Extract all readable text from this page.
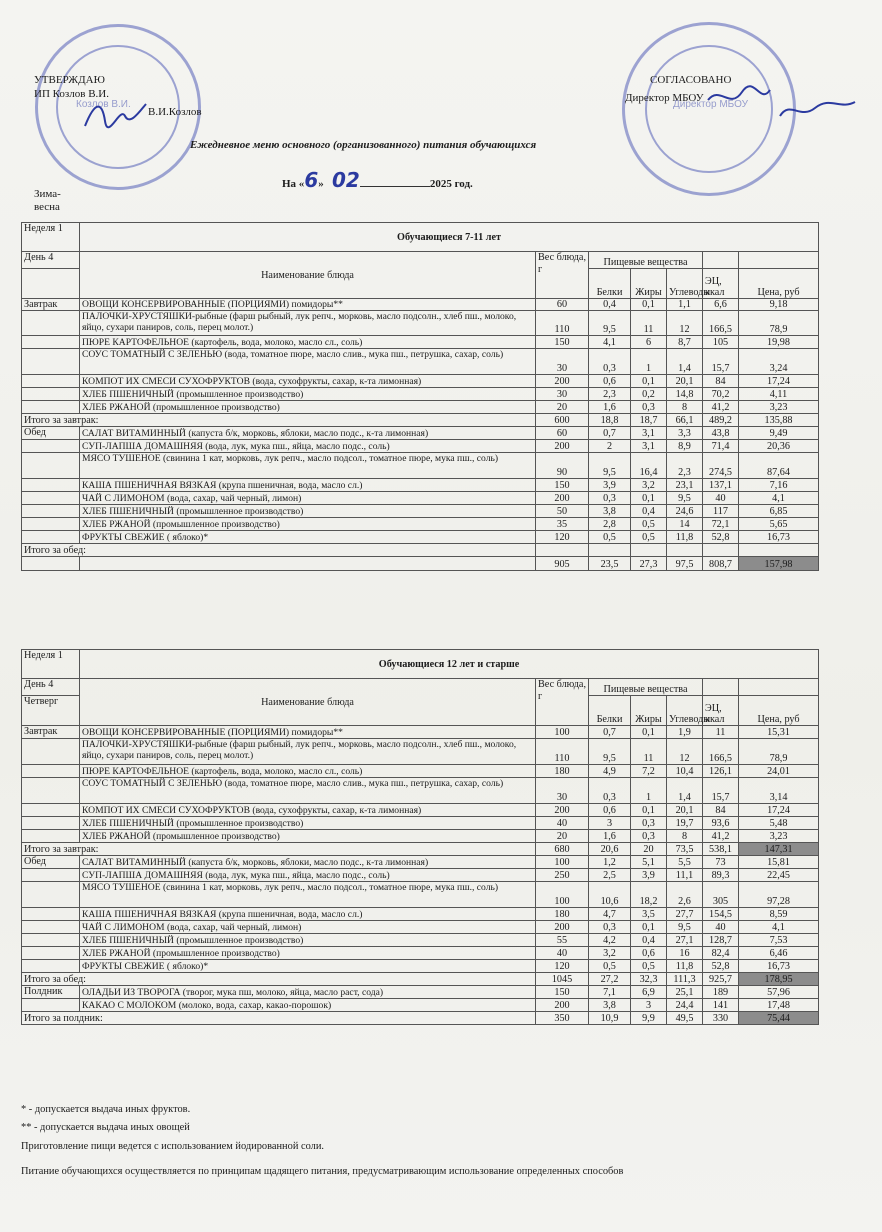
Козлов В.И.	Директор МБОУ
УТВЕРЖДАЮ
ИП Козлов В.И.
В.И.Козлов
СОГЛАСОВАНО
Директор МБОУ
Ежедневное меню основного (организованного) питания обучающихся
На «6» 02	2025 год.
Зима-весна
Неделя 1	Обучающиеся 7-11 лет						
День 4	Наименование блюда	Вес блюда, г	Пищевые вещества				
			Белки	Жиры	Углеводы	ЭЦ, ккал	Цена, руб
Завтрак	ОВОЩИ КОНСЕРВИРОВАННЫЕ (ПОРЦИЯМИ) помидоры**	60	0,4	0,1	1,1	6,6	9,18
	ПАЛОЧКИ-ХРУСТЯШКИ-рыбные (фарш рыбный, лук репч., морковь, масло подсолн., хлеб пш., молоко, яйцо, сухари паниров, соль, перец молот.)	110	9,5	11	12	166,5	78,9
	ПЮРЕ КАРТОФЕЛЬНОЕ (картофель, вода, молоко, масло сл., соль)	150	4,1	6	8,7	105	19,98
	СОУС ТОМАТНЫЙ С ЗЕЛЕНЬЮ (вода, томатное пюре, масло слив., мука пш., петрушка, сахар, соль)	30	0,3	1	1,4	15,7	3,24
	КОМПОТ ИХ СМЕСИ СУХОФРУКТОВ (вода, сухофрукты, сахар, к-та лимонная)	200	0,6	0,1	20,1	84	17,24
	ХЛЕБ ПШЕНИЧНЫЙ (промышленное производство)	30	2,3	0,2	14,8	70,2	4,11
	ХЛЕБ РЖАНОЙ (промышленное производство)	20	1,6	0,3	8	41,2	3,23
Итого за завтрак:		600	18,8	18,7	66,1	489,2	135,88
Обед	САЛАТ ВИТАМИННЫЙ (капуста б/к, морковь, яблоки, масло подс., к-та лимонная)	60	0,7	3,1	3,3	43,8	9,49
	СУП-ЛАПША ДОМАШНЯЯ (вода, лук, мука пш., яйца, масло подс., соль)	200	2	3,1	8,9	71,4	20,36
	МЯСО ТУШЕНОЕ (свинина 1 кат, морковь, лук репч., масло подсол., томатное пюре, мука пш., соль)	90	9,5	16,4	2,3	274,5	87,64
	КАША ПШЕНИЧНАЯ ВЯЗКАЯ (крупа пшеничная, вода, масло сл.)	150	3,9	3,2	23,1	137,1	7,16
	ЧАЙ С ЛИМОНОМ (вода, сахар, чай черный, лимон)	200	0,3	0,1	9,5	40	4,1
	ХЛЕБ ПШЕНИЧНЫЙ (промышленное производство)	50	3,8	0,4	24,6	117	6,85
	ХЛЕБ РЖАНОЙ (промышленное производство)	35	2,8	0,5	14	72,1	5,65
	ФРУКТЫ СВЕЖИЕ ( яблоко)*	120	0,5	0,5	11,8	52,8	16,73
Итого за обед:							
		905	23,5	27,3	97,5	808,7	157,98
Неделя 1	Обучающиеся 12 лет и старше						
День 4	Наименование блюда	Вес блюда, г	Пищевые вещества				
Четверг			Белки	Жиры	Углеводы	ЭЦ, ккал	Цена, руб
Завтрак	ОВОЩИ КОНСЕРВИРОВАННЫЕ (ПОРЦИЯМИ) помидоры**	100	0,7	0,1	1,9	11	15,31
	ПАЛОЧКИ-ХРУСТЯШКИ-рыбные (фарш рыбный, лук репч., морковь, масло подсолн., хлеб пш., молоко, яйцо, сухари паниров, соль, перец молот.)	110	9,5	11	12	166,5	78,9
	ПЮРЕ КАРТОФЕЛЬНОЕ (картофель, вода, молоко, масло сл., соль)	180	4,9	7,2	10,4	126,1	24,01
	СОУС ТОМАТНЫЙ С ЗЕЛЕНЬЮ (вода, томатное пюре, масло слив., мука пш., петрушка, сахар, соль)	30	0,3	1	1,4	15,7	3,14
	КОМПОТ ИХ СМЕСИ СУХОФРУКТОВ (вода, сухофрукты, сахар, к-та лимонная)	200	0,6	0,1	20,1	84	17,24
	ХЛЕБ ПШЕНИЧНЫЙ (промышленное производство)	40	3	0,3	19,7	93,6	5,48
	ХЛЕБ РЖАНОЙ (промышленное производство)	20	1,6	0,3	8	41,2	3,23
Итого за завтрак:		680	20,6	20	73,5	538,1	147,31
Обед	САЛАТ ВИТАМИННЫЙ (капуста б/к, морковь, яблоки, масло подс., к-та лимонная)	100	1,2	5,1	5,5	73	15,81
	СУП-ЛАПША ДОМАШНЯЯ (вода, лук, мука пш., яйца, масло подс., соль)	250	2,5	3,9	11,1	89,3	22,45
	МЯСО ТУШЕНОЕ (свинина 1 кат, морковь, лук репч., масло подсол., томатное пюре, мука пш., соль)	100	10,6	18,2	2,6	305	97,28
	КАША ПШЕНИЧНАЯ ВЯЗКАЯ (крупа пшеничная, вода, масло сл.)	180	4,7	3,5	27,7	154,5	8,59
	ЧАЙ С ЛИМОНОМ (вода, сахар, чай черный, лимон)	200	0,3	0,1	9,5	40	4,1
	ХЛЕБ ПШЕНИЧНЫЙ (промышленное производство)	55	4,2	0,4	27,1	128,7	7,53
	ХЛЕБ РЖАНОЙ (промышленное производство)	40	3,2	0,6	16	82,4	6,46
	ФРУКТЫ СВЕЖИЕ ( яблоко)*	120	0,5	0,5	11,8	52,8	16,73
Итого за обед:		1045	27,2	32,3	111,3	925,7	178,95
Полдник	ОЛАДЬИ ИЗ ТВОРОГА (творог, мука пш, молоко, яйца, масло раст, сода)	150	7,1	6,9	25,1	189	57,96
	КАКАО С МОЛОКОМ (молоко, вода, сахар, какао-порошок)	200	3,8	3	24,4	141	17,48
Итого за полдник:		350	10,9	9,9	49,5	330	75,44
* - допускается выдача иных фруктов.
** - допускается выдача иных овощей
Приготовление пищи ведется с использованием йодированной соли.
Питание обучающихся осуществляется по принципам щадящего питания, предусматривающим использование определенных способов
